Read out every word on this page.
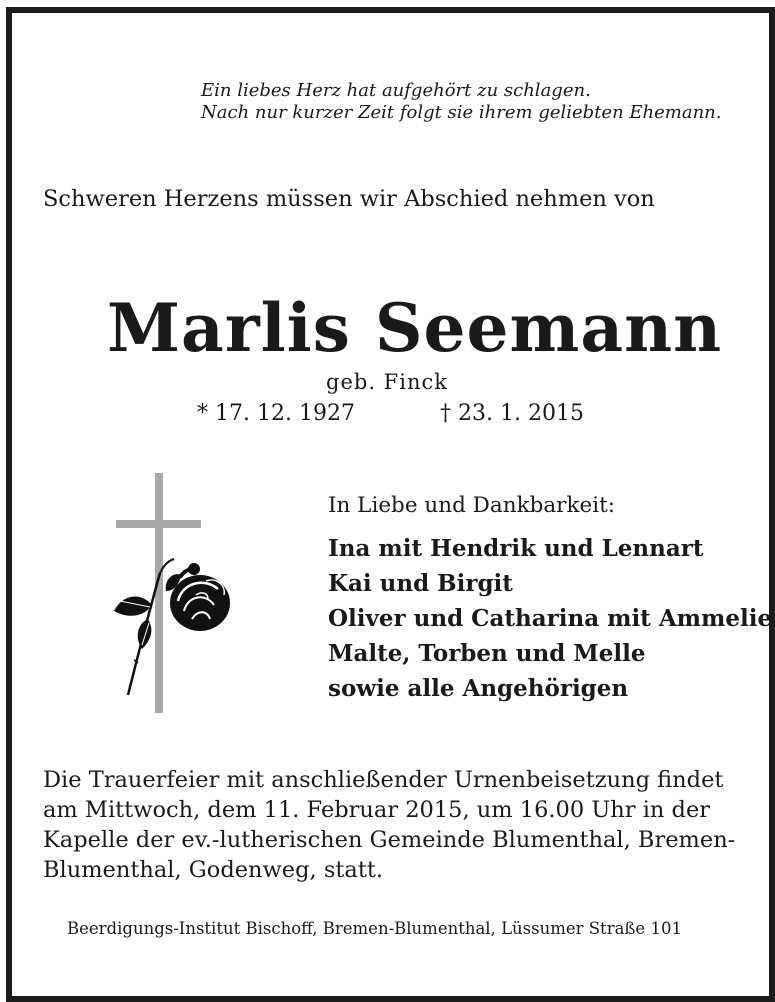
Ein liebes Herz hat aufgehört zu schlagen.
Nach nur kurzer Zeit folgt sie ihrem geliebten Ehemann.
Schweren Herzens müssen wir Abschied nehmen von
Marlis Seemann
geb. Finck
* 17. 12. 1927	† 23. 1. 2015
In Liebe und Dankbarkeit:
Ina mit Hendrik und Lennart
Kai und Birgit
Oliver und Catharina mit Ammelie
Malte, Torben und Melle
sowie alle Angehörigen
Die Trauerfeier mit anschließender Urnenbeisetzung findet
am Mittwoch, dem 11. Februar 2015, um 16.00 Uhr in der
Kapelle der ev.-lutherischen Gemeinde Blumenthal, Bremen-
Blumenthal, Godenweg, statt.
Beerdigungs-Institut Bischoff, Bremen-Blumenthal, Lüssumer Straße 101
